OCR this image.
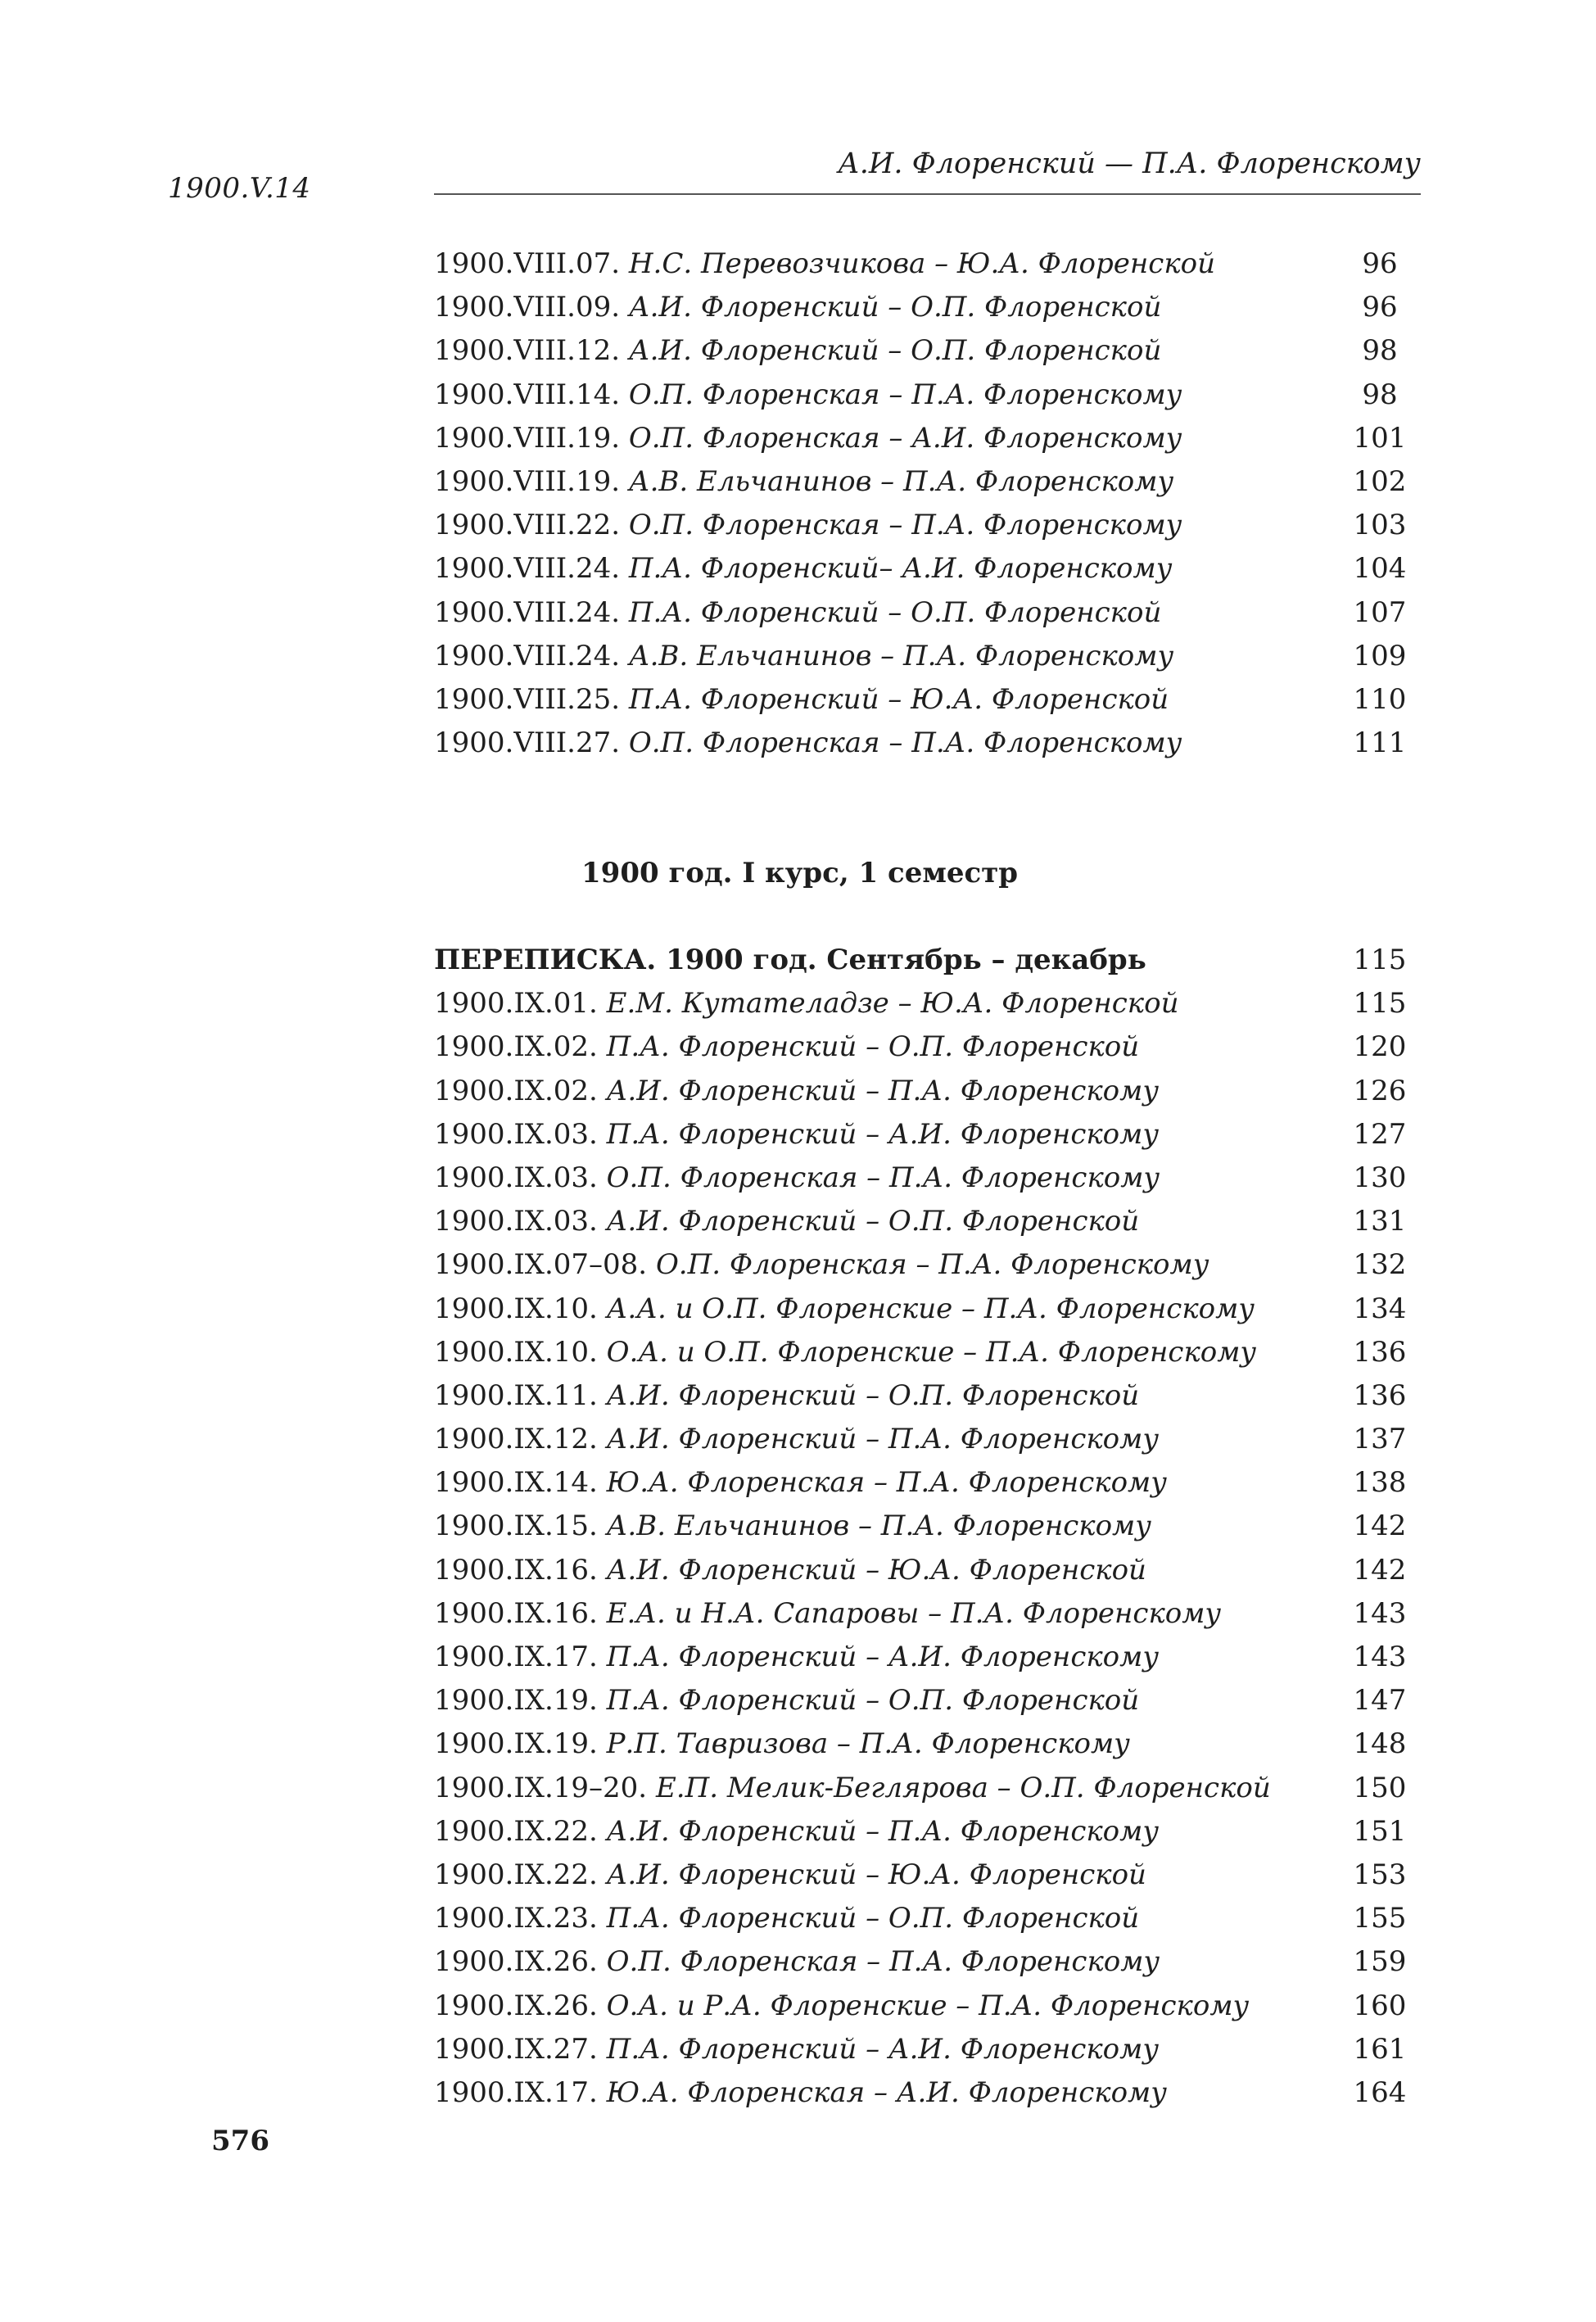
1900.V.14
А.И. Флоренский — П.А. Флоренскому
1900.VIII.07. Н.С. Перевозчикова – Ю.А. Флоренской	96
1900.VIII.09. А.И. Флоренский – О.П. Флоренской	96
1900.VIII.12. А.И. Флоренский – О.П. Флоренской	98
1900.VIII.14. О.П. Флоренская – П.А. Флоренскому	98
1900.VIII.19. О.П. Флоренская – А.И. Флоренскому	101
1900.VIII.19. А.В. Ельчанинов – П.А. Флоренскому	102
1900.VIII.22. О.П. Флоренская – П.А. Флоренскому	103
1900.VIII.24. П.А. Флоренский– А.И. Флоренскому	104
1900.VIII.24. П.А. Флоренский – О.П. Флоренской	107
1900.VIII.24. А.В. Ельчанинов – П.А. Флоренскому	109
1900.VIII.25. П.А. Флоренский – Ю.А. Флоренской	110
1900.VIII.27. О.П. Флоренская – П.А. Флоренскому	111
1900 год. I курс, 1 семестр
ПЕРЕПИСКА. 1900 год. Сентябрь – декабрь	115
1900.IX.01. Е.М. Кутателадзе – Ю.А. Флоренской	115
1900.IX.02. П.А. Флоренский – О.П. Флоренской	120
1900.IX.02. А.И. Флоренский – П.А. Флоренскому	126
1900.IX.03. П.А. Флоренский – А.И. Флоренскому	127
1900.IX.03. О.П. Флоренская – П.А. Флоренскому	130
1900.IX.03. А.И. Флоренский – О.П. Флоренской	131
1900.IX.07–08. О.П. Флоренская – П.А. Флоренскому	132
1900.IX.10. А.А. и О.П. Флоренские – П.А. Флоренскому	134
1900.IX.10. О.А. и О.П. Флоренские – П.А. Флоренскому	136
1900.IX.11. А.И. Флоренский – О.П. Флоренской	136
1900.IX.12. А.И. Флоренский – П.А. Флоренскому	137
1900.IX.14. Ю.А. Флоренская – П.А. Флоренскому	138
1900.IX.15. А.В. Ельчанинов – П.А. Флоренскому	142
1900.IX.16. А.И. Флоренский – Ю.А. Флоренской	142
1900.IX.16. Е.А. и Н.А. Сапаровы – П.А. Флоренскому	143
1900.IX.17. П.А. Флоренский – А.И. Флоренскому	143
1900.IX.19. П.А. Флоренский – О.П. Флоренской	147
1900.IX.19. Р.П. Тавризова – П.А. Флоренскому	148
1900.IX.19–20. Е.П. Мелик-Беглярова – О.П. Флоренской	150
1900.IX.22. А.И. Флоренский – П.А. Флоренскому	151
1900.IX.22. А.И. Флоренский – Ю.А. Флоренской	153
1900.IX.23. П.А. Флоренский – О.П. Флоренской	155
1900.IX.26. О.П. Флоренская – П.А. Флоренскому	159
1900.IX.26. О.А. и Р.А. Флоренские – П.А. Флоренскому	160
1900.IX.27. П.А. Флоренский – А.И. Флоренскому	161
1900.IX.17. Ю.А. Флоренская – А.И. Флоренскому	164
576
